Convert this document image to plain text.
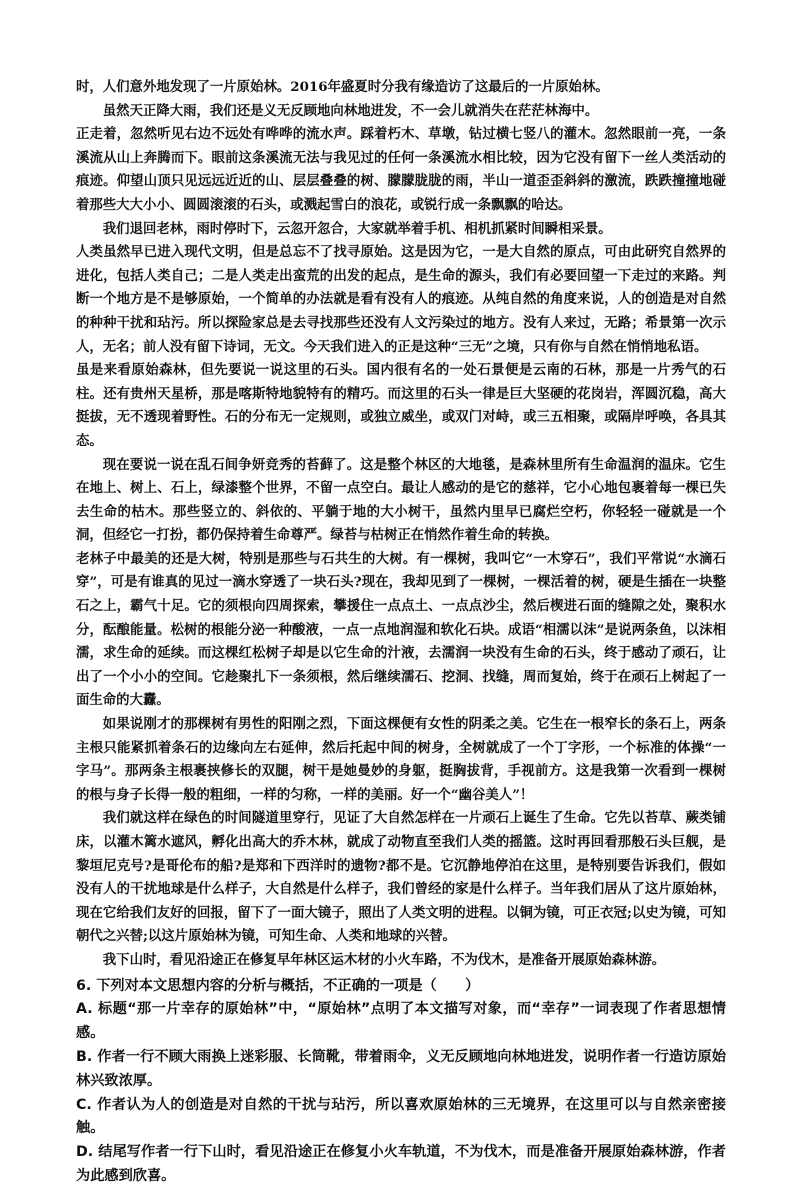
时，人们意外地发现了一片原始林。2016年盛夏时分我有缘造访了这最后的一片原始林。

虽然天正降大雨，我们还是义无反顾地向林地进发，不一会儿就消失在茫茫林海中。

正走着，忽然听见右边不远处有哗哗的流水声。踩着朽木、草墩，钻过横七竖八的灌木。忽然眼前一亮，一条溪流从山上奔腾而下。眼前这条溪流无法与我见过的任何一条溪流水相比较，因为它没有留下一丝人类活动的痕迹。仰望山顶只见远远近近的山、层层叠叠的树、朦朦胧胧的雨，半山一道歪歪斜斜的激流，跌跌撞撞地碰着那些大大小小、圆圆滚滚的石头，或溅起雪白的浪花，或锐行成一条飘飘的哈达。

我们退回老林，雨时停时下，云忽开忽合，大家就举着手机、相机抓紧时间瞬相采景。

人类虽然早已进入现代文明，但是总忘不了找寻原始。这是因为它，一是大自然的原点，可由此研究自然界的进化，包括人类自己；二是人类走出蛮荒的出发的起点，是生命的源头，我们有必要回望一下走过的来路。判断一个地方是不是够原始，一个简单的办法就是看有没有人的痕迹。从纯自然的角度来说，人的创造是对自然的种种干扰和玷污。所以探险家总是去寻找那些还没有人文污染过的地方。没有人来过，无路；希景第一次示人，无名；前人没有留下诗词，无文。今天我们进入的正是这种“三无”之境，只有你与自然在悄悄地私语。

虽是来看原始森林，但先要说一说这里的石头。国内很有名的一处石景便是云南的石林，那是一片秀气的石柱。还有贵州天星桥，那是喀斯特地貌特有的精巧。而这里的石头一律是巨大坚硬的花岗岩，浑圆沉稳，高大挺拔，无不透现着野性。石的分布无一定规则，或独立威坐，或双门对峙，或三五相聚，或隔岸呼唤，各具其态。

现在要说一说在乱石间争妍竞秀的苔藓了。这是整个林区的大地毯，是森林里所有生命温润的温床。它生在地上、树上、石上，绿漆整个世界，不留一点空白。最让人感动的是它的慈祥，它小心地包裹着每一棵已失去生命的枯木。那些竖立的、斜依的、平躺于地的大小树干，虽然内里早已腐烂空朽，你轻轻一碰就是一个洞，但经它一打扮，都仍保持着生命尊严。绿苔与枯树正在悄然作着生命的转换。

老林子中最美的还是大树，特别是那些与石共生的大树。有一棵树，我叫它“一木穿石”，我们平常说“水滴石穿”，可是有谁真的见过一滴水穿透了一块石头?现在，我却见到了一棵树，一棵活着的树，硬是生插在一块整石之上，霸气十足。它的须根向四周探索，攀援住一点点土、一点点沙尘，然后楔进石面的缝隙之处，聚积水分，酝酿能量。松树的根能分泌一种酸液，一点一点地润湿和软化石块。成语“相濡以沫”是说两条鱼，以沫相濡，求生命的延续。而这棵红松树子却是以它生命的汁液，去濡润一块没有生命的石头，终于感动了顽石，让出了一个小小的空间。它趁聚扎下一条须根，然后继续濡石、挖洞、找缝，周而复始，终于在顽石上树起了一面生命的大纛。

如果说刚才的那棵树有男性的阳刚之烈，下面这棵便有女性的阴柔之美。它生在一根窄长的条石上，两条主根只能紧抓着条石的边缘向左右延伸，然后托起中间的树身，全树就成了一个丁字形，一个标准的体操“一字马”。那两条主根裹挟修长的双腿，树干是她曼妙的身躯，挺胸拔背，手视前方。这是我第一次看到一棵树的根与身子长得一般的粗细，一样的匀称，一样的美丽。好一个“幽谷美人”！

我们就这样在绿色的时间隧道里穿行，见证了大自然怎样在一片顽石上诞生了生命。它先以苔草、蕨类铺床，以灌木篱水遮风，孵化出高大的乔木林，就成了动物直至我们人类的摇篮。这时再回看那般石头巨舰，是黎垣尼克号?是哥伦布的船?是郑和下西洋时的遗物?都不是。它沉静地停泊在这里，是特别要告诉我们，假如没有人的干扰地球是什么样子，大自然是什么样子，我们曾经的家是什么样子。当年我们居从了这片原始林，现在它给我们友好的回报，留下了一面大镜子，照出了人类文明的进程。以铜为镜，可正衣冠;以史为镜，可知朝代之兴替;以这片原始林为镜，可知生命、人类和地球的兴替。

我下山时，看见沿途正在修复早年林区运木材的小火车路，不为伐木，是准备开展原始森林游。

6. 下列对本文思想内容的分析与概括，不正确的一项是（　　）

A. 标题“那一片幸存的原始林”中，“原始林”点明了本文描写对象，而“幸存”一词表现了作者思想情感。

B. 作者一行不顾大雨换上迷彩服、长筒靴，带着雨伞，义无反顾地向林地进发，说明作者一行造访原始林兴致浓厚。

C. 作者认为人的创造是对自然的干扰与玷污，所以喜欢原始林的三无境界，在这里可以与自然亲密接触。

D. 结尾写作者一行下山时，看见沿途正在修复小火车轨道，不为伐木，而是准备开展原始森林游，作者为此感到欣喜。
